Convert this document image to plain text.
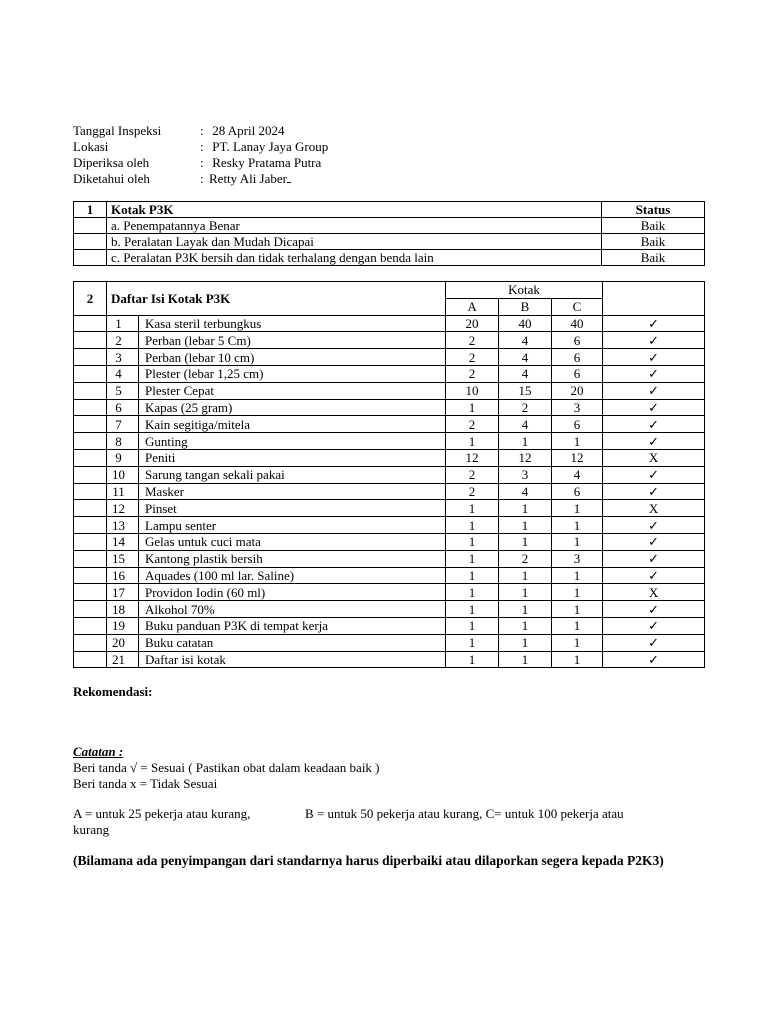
Tanggal Inspeksi	: 28 April 2024
Lokasi	: PT. Lanay Jaya Group
Diperiksa oleh	: Resky Pratama Putra
Diketahui oleh	: Retty Ali Jaber
1	Kotak P3K	Status
	a. Penempatannya Benar	Baik
	b. Peralatan Layak dan Mudah Dicapai	Baik
	c. Peralatan P3K bersih dan tidak terhalang dengan benda lain	Baik
2	Daftar Isi Kotak P3K		Kotak			
			A	B	C	
	1	Kasa steril terbungkus	20	40	40	✓
	2	Perban (lebar 5 Cm)	2	4	6	✓
	3	Perban (lebar 10 cm)	2	4	6	✓
	4	Plester (lebar 1,25 cm)	2	4	6	✓
	5	Plester Cepat	10	15	20	✓
	6	Kapas (25 gram)	1	2	3	✓
	7	Kain segitiga/mitela	2	4	6	✓
	8	Gunting	1	1	1	✓
	9	Peniti	12	12	12	X
	10	Sarung tangan sekali pakai	2	3	4	✓
	11	Masker	2	4	6	✓
	12	Pinset	1	1	1	X
	13	Lampu senter	1	1	1	✓
	14	Gelas untuk cuci mata	1	1	1	✓
	15	Kantong plastik bersih	1	2	3	✓
	16	Aquades (100 ml lar. Saline)	1	1	1	✓
	17	Providon Iodin (60 ml)	1	1	1	X
	18	Alkohol 70%	1	1	1	✓
	19	Buku panduan P3K di tempat kerja	1	1	1	✓
	20	Buku catatan	1	1	1	✓
	21	Daftar isi kotak	1	1	1	✓
Rekomendasi:
Catatan :
Beri tanda √ = Sesuai ( Pastikan obat dalam keadaan baik )
Beri tanda x = Tidak Sesuai
A = untuk 25 pekerja atau kurang,	B = untuk 50 pekerja atau kurang, C= untuk 100 pekerja atau
kurang
(Bilamana ada penyimpangan dari standarnya harus diperbaiki atau dilaporkan segera kepada P2K3)
